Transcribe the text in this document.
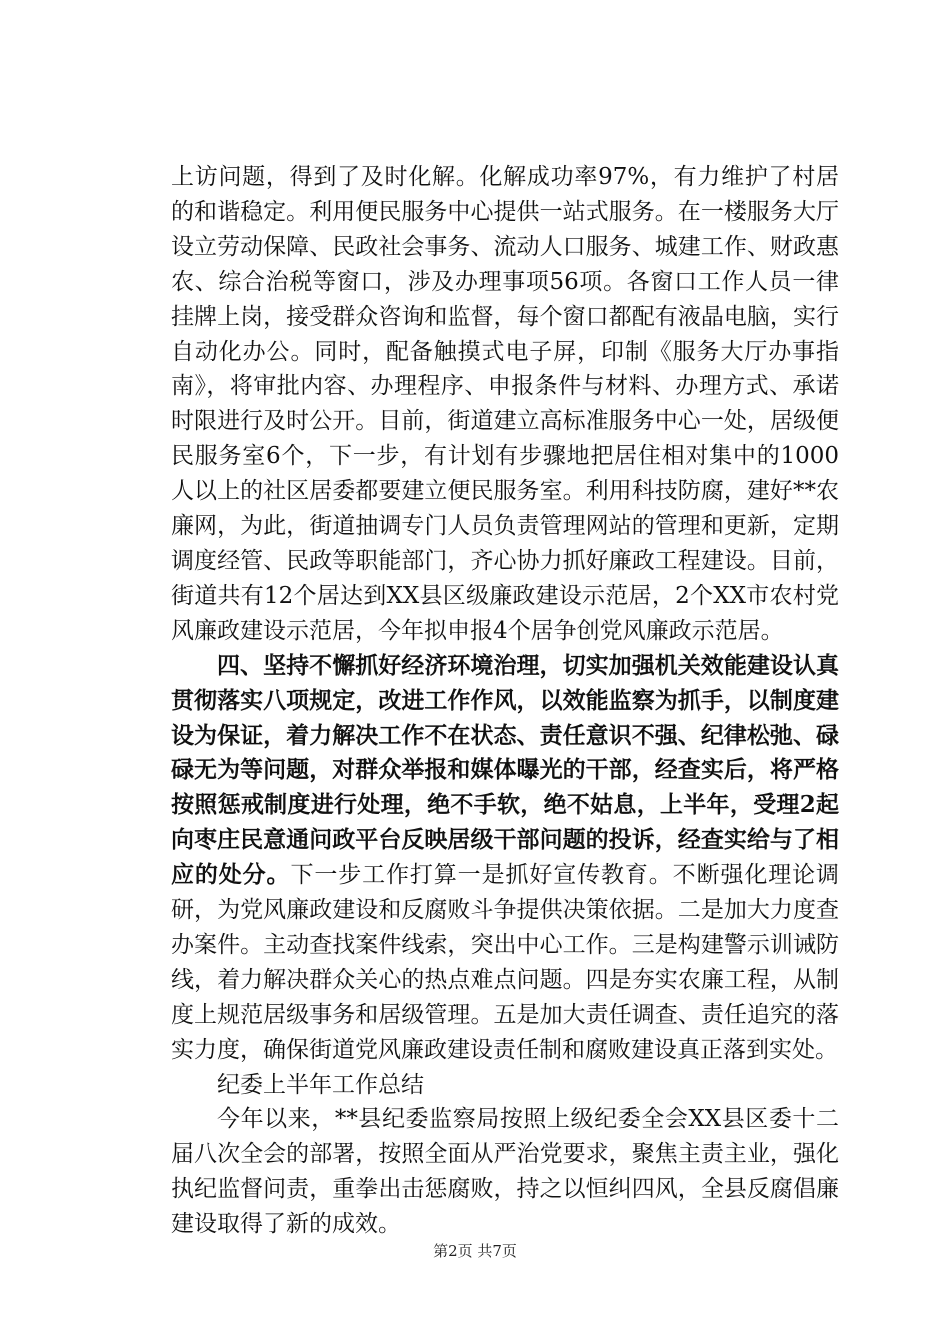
上访问题，得到了及时化解。化解成功率97%，有力维护了村居的和谐稳定。利用便民服务中心提供一站式服务。在一楼服务大厅设立劳动保障、民政社会事务、流动人口服务、城建工作、财政惠农、综合治税等窗口，涉及办理事项56项。各窗口工作人员一律挂牌上岗，接受群众咨询和监督，每个窗口都配有液晶电脑，实行自动化办公。同时，配备触摸式电子屏，印制《服务大厅办事指南》，将审批内容、办理程序、申报条件与材料、办理方式、承诺时限进行及时公开。目前，街道建立高标准服务中心一处，居级便民服务室6个，下一步，有计划有步骤地把居住相对集中的1000人以上的社区居委都要建立便民服务室。利用科技防腐，建好**农廉网，为此，街道抽调专门人员负责管理网站的管理和更新，定期调度经管、民政等职能部门，齐心协力抓好廉政工程建设。目前，街道共有12个居达到XX县区级廉政建设示范居，2个XX市农村党风廉政建设示范居，今年拟申报4个居争创党风廉政示范居。

四、坚持不懈抓好经济环境治理，切实加强机关效能建设认真贯彻落实八项规定，改进工作作风，以效能监察为抓手，以制度建设为保证，着力解决工作不在状态、责任意识不强、纪律松弛、碌碌无为等问题，对群众举报和媒体曝光的干部，经查实后，将严格按照惩戒制度进行处理，绝不手软，绝不姑息，上半年，受理2起向枣庄民意通问政平台反映居级干部问题的投诉，经查实给与了相应的处分。下一步工作打算一是抓好宣传教育。不断强化理论调研，为党风廉政建设和反腐败斗争提供决策依据。二是加大力度查办案件。主动查找案件线索，突出中心工作。三是构建警示训诫防线，着力解决群众关心的热点难点问题。四是夯实农廉工程，从制度上规范居级事务和居级管理。五是加大责任调查、责任追究的落实力度，确保街道党风廉政建设责任制和腐败建设真正落到实处。

纪委上半年工作总结

今年以来，**县纪委监察局按照上级纪委全会XX县区委十二届八次全会的部署，按照全面从严治党要求，聚焦主责主业，强化执纪监督问责，重拳出击惩腐败，持之以恒纠四风，全县反腐倡廉建设取得了新的成效。

第2页 共7页
